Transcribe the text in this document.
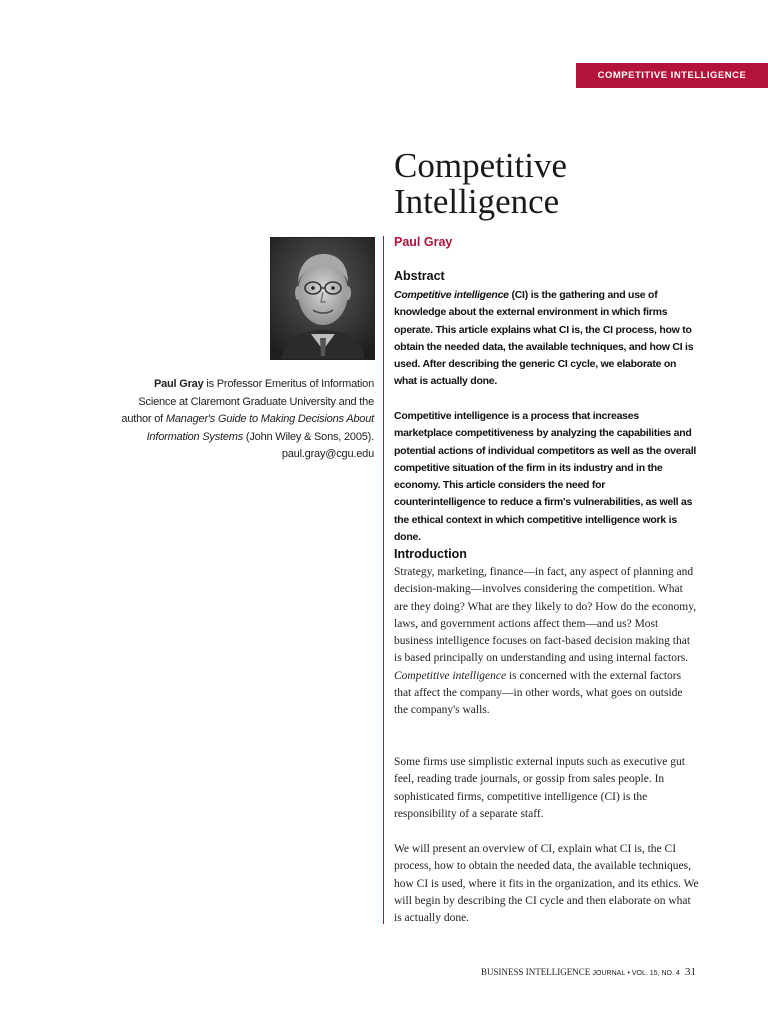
COMPETITIVE INTELLIGENCE
Competitive
Intelligence
Paul Gray is Professor Emeritus of Information Science at Claremont Graduate University and the author of Manager's Guide to Making Decisions About Information Systems (John Wiley & Sons, 2005).
paul.gray@cgu.edu
Paul Gray
Abstract
Competitive intelligence (CI) is the gathering and use of knowledge about the external environment in which firms operate. This article explains what CI is, the CI process, how to obtain the needed data, the available techniques, and how CI is used. After describing the generic CI cycle, we elaborate on what is actually done.
Competitive intelligence is a process that increases marketplace competitiveness by analyzing the capabilities and potential actions of individual competitors as well as the overall competitive situation of the firm in its industry and in the economy. This article considers the need for counterintelligence to reduce a firm's vulnerabilities, as well as the ethical context in which competitive intelligence work is done.
Introduction
Strategy, marketing, finance—in fact, any aspect of planning and decision-making—involves considering the competition. What are they doing? What are they likely to do? How do the economy, laws, and government actions affect them—and us? Most business intelligence focuses on fact-based decision making that is based principally on understanding and using internal factors. Competitive intelligence is concerned with the external factors that affect the company—in other words, what goes on outside the company's walls.
Some firms use simplistic external inputs such as executive gut feel, reading trade journals, or gossip from sales people. In sophisticated firms, competitive intelligence (CI) is the responsibility of a separate staff.
We will present an overview of CI, explain what CI is, the CI process, how to obtain the needed data, the available techniques, how CI is used, where it fits in the organization, and its ethics. We will begin by describing the CI cycle and then elaborate on what is actually done.
BUSINESS INTELLIGENCE JOURNAL • VOL. 15, NO. 4 31
